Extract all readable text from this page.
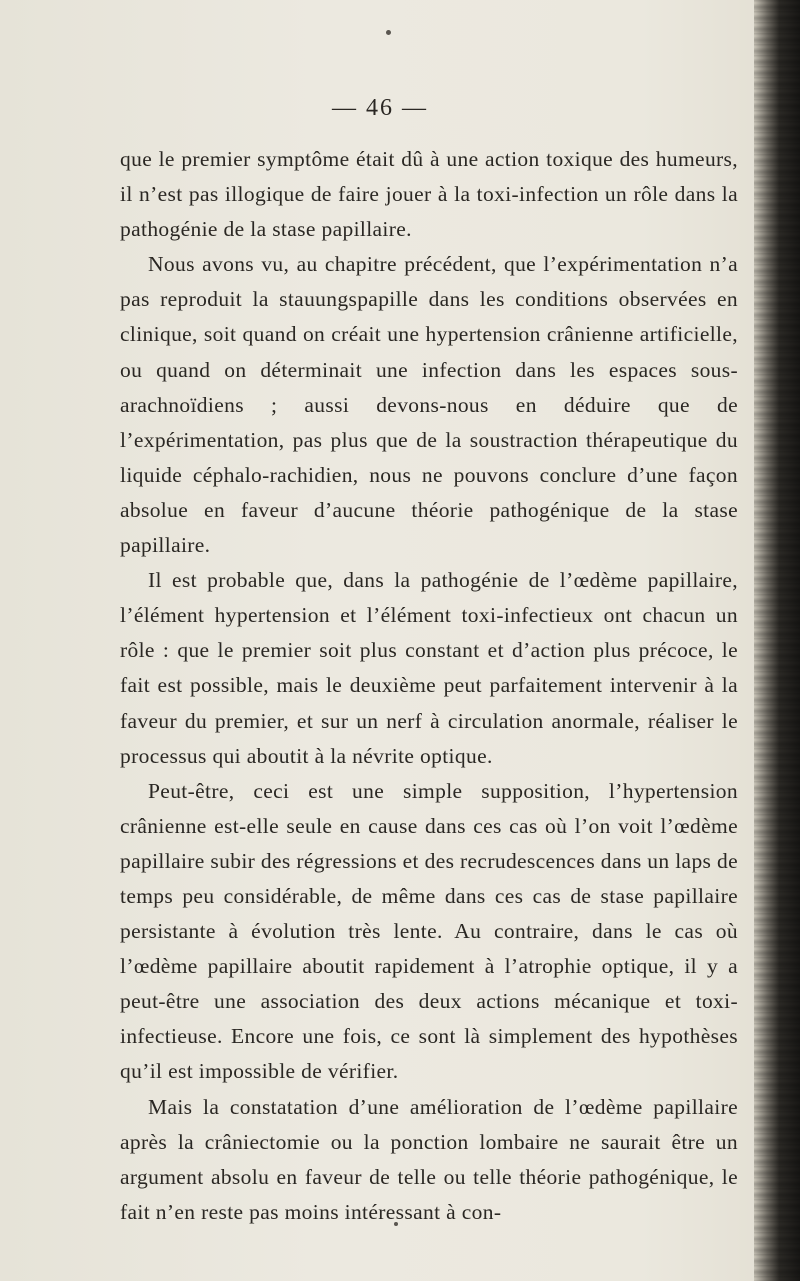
— 46 —

que le premier symptôme était dû à une action toxique des humeurs, il n’est pas illogique de faire jouer à la toxi-infection un rôle dans la pathogénie de la stase papillaire.

Nous avons vu, au chapitre précédent, que l’expérimentation n’a pas reproduit la stauungspapille dans les conditions observées en clinique, soit quand on créait une hypertension crânienne artificielle, ou quand on déterminait une infection dans les espaces sous-arachnoïdiens ; aussi devons-nous en déduire que de l’expérimentation, pas plus que de la soustraction thérapeutique du liquide céphalo-rachidien, nous ne pouvons conclure d’une façon absolue en faveur d’aucune théorie pathogénique de la stase papillaire.

Il est probable que, dans la pathogénie de l’œdème papillaire, l’élément hypertension et l’élément toxi-infectieux ont chacun un rôle : que le premier soit plus constant et d’action plus précoce, le fait est possible, mais le deuxième peut parfaitement intervenir à la faveur du premier, et sur un nerf à circulation anormale, réaliser le processus qui aboutit à la névrite optique.

Peut-être, ceci est une simple supposition, l’hypertension crânienne est-elle seule en cause dans ces cas où l’on voit l’œdème papillaire subir des régressions et des recrudescences dans un laps de temps peu considérable, de même dans ces cas de stase papillaire persistante à évolution très lente. Au contraire, dans le cas où l’œdème papillaire aboutit rapidement à l’atrophie optique, il y a peut-être une association des deux actions mécanique et toxi-infectieuse. Encore une fois, ce sont là simplement des hypothèses qu’il est impossible de vérifier.

Mais la constatation d’une amélioration de l’œdème papillaire après la crâniectomie ou la ponction lombaire ne saurait être un argument absolu en faveur de telle ou telle théorie pathogénique, le fait n’en reste pas moins intéressant à con-
